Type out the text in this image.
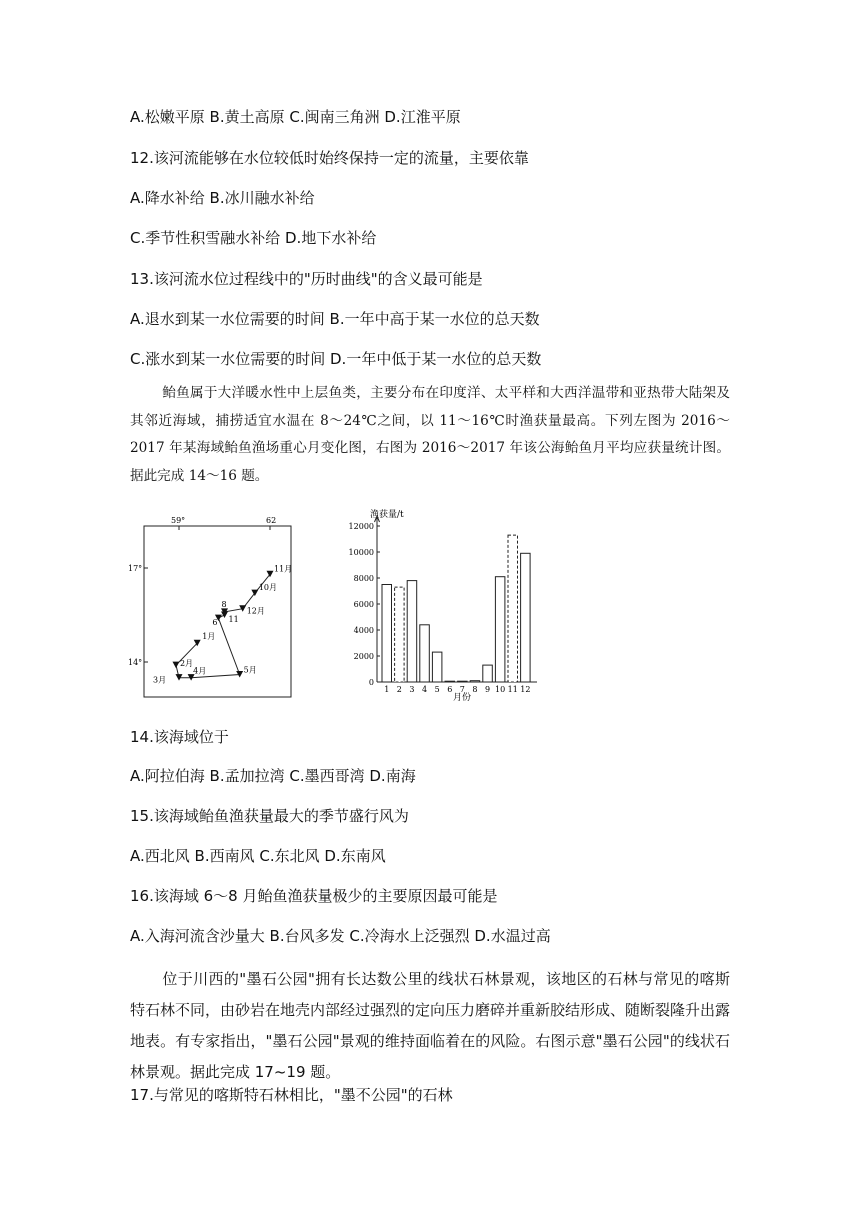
A.松嫩平原 B.黄土高原 C.闽南三角洲 D.江淮平原
12.该河流能够在水位较低时始终保持一定的流量，主要依靠
A.降水补给 B.冰川融水补给
C.季节性积雪融水补给 D.地下水补给
13.该河流水位过程线中的"历时曲线"的含义最可能是
A.退水到某一水位需要的时间 B.一年中高于某一水位的总天数
C.涨水到某一水位需要的时间 D.一年中低于某一水位的总天数
鲐鱼属于大洋暖水性中上层鱼类，主要分布在印度洋、太平样和大西洋温带和亚热带大陆架及其邻近海域，捕捞适宜水温在 8～24℃之间，以 11～16℃时渔获量最高。下列左图为 2016～2017 年某海域鲐鱼渔场重心月变化图，右图为 2016～2017 年该公海鲐鱼月平均应获量统计图。据此完成 14～16 题。
59°	62
17°
14°
1月
2月
3月
4月	5月
6 11
8
12月
10月
11月
0
2000
4000
6000
8000
10000
12000
渔获量/t
月份
1 2 3 4 5 6 7 8 9 10 11 12
14.该海域位于
A.阿拉伯海 B.孟加拉湾 C.墨西哥湾 D.南海
15.该海域鲐鱼渔获量最大的季节盛行风为
A.西北风 B.西南风 C.东北风 D.东南风
16.该海域 6～8 月鲐鱼渔获量极少的主要原因最可能是
A.入海河流含沙量大 B.台风多发 C.冷海水上泛强烈 D.水温过高
位于川西的"墨石公园"拥有长达数公里的线状石林景观，该地区的石林与常见的喀斯特石林不同，由砂岩在地壳内部经过强烈的定向压力磨碎并重新胶结形成、随断裂隆升出露地表。有专家指出，"墨石公园"景观的维持面临着在的风险。右图示意"墨石公园"的线状石林景观。据此完成 17~19 题。
17.与常见的喀斯特石林相比，"墨不公园"的石林
